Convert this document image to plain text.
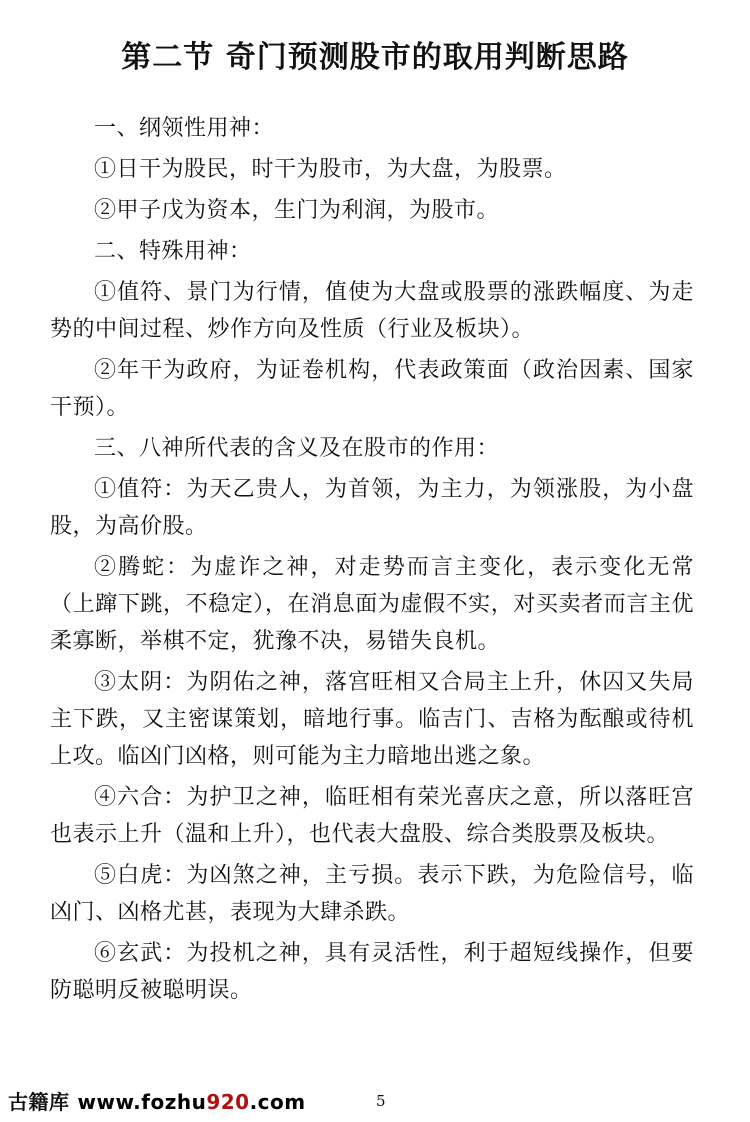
第二节 奇门预测股市的取用判断思路

一、纲领性用神：

①日干为股民，时干为股市，为大盘，为股票。

②甲子戊为资本，生门为利润，为股市。

二、特殊用神：

①值符、景门为行情，值使为大盘或股票的涨跌幅度、为走势的中间过程、炒作方向及性质（行业及板块）。

②年干为政府，为证卷机构，代表政策面（政治因素、国家干预）。

三、八神所代表的含义及在股市的作用：

①值符：为天乙贵人，为首领，为主力，为领涨股，为小盘股，为高价股。

②腾蛇：为虚诈之神，对走势而言主变化，表示变化无常（上蹿下跳，不稳定），在消息面为虚假不实，对买卖者而言主优柔寡断，举棋不定，犹豫不决，易错失良机。

③太阴：为阴佑之神，落宫旺相又合局主上升，休囚又失局主下跌，又主密谋策划，暗地行事。临吉门、吉格为酝酿或待机上攻。临凶门凶格，则可能为主力暗地出逃之象。

④六合：为护卫之神，临旺相有荣光喜庆之意，所以落旺宫也表示上升（温和上升），也代表大盘股、综合类股票及板块。

⑤白虎：为凶煞之神，主亏损。表示下跌，为危险信号，临凶门、凶格尤甚，表现为大肆杀跌。

⑥玄武：为投机之神，具有灵活性，利于超短线操作，但要防聪明反被聪明误。

古籍库 www.fozhu920.com	5
